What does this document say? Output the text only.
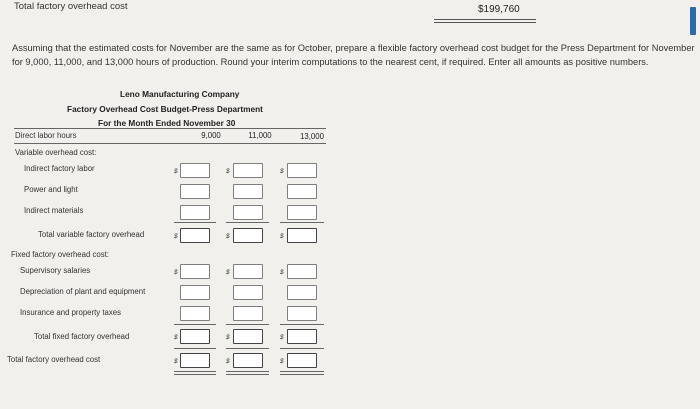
Total factory overhead cost	$199,760
Assuming that the estimated costs for November are the same as for October, prepare a flexible factory overhead cost budget for the Press Department for November for 9,000, 11,000, and 13,000 hours of production. Round your interim computations to the nearest cent, if required. Enter all amounts as positive numbers.
Leno Manufacturing Company
Factory Overhead Cost Budget-Press Department
For the Month Ended November 30
Direct labor hours	9,000	11,000	13,000
Variable overhead cost:
Indirect factory labor	$	$	$
Power and light
Indirect materials
Total variable factory overhead	$	$	$
Fixed factory overhead cost:
Supervisory salaries	$	$	$
Depreciation of plant and equipment
Insurance and property taxes
Total fixed factory overhead	$	$	$
Total factory overhead cost	$	$	$
